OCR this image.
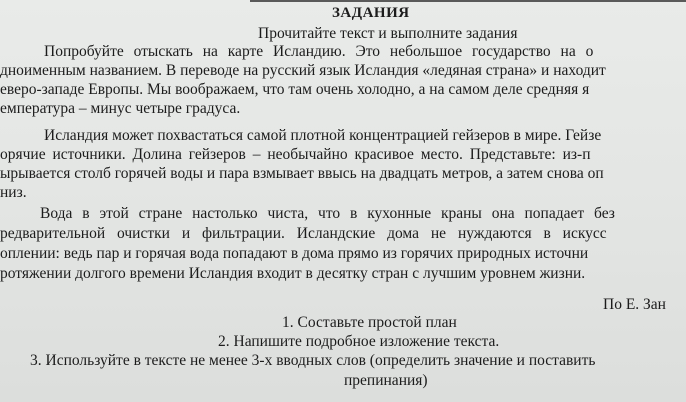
ЗАДАНИЯ
Прочитайте текст и выполните задания
Попробуйте отыскать на карте Исландию. Это небольшое государство на о
днoименным названием. В переводе на русский язык Исландия «ледяная страна» и находит
еверо-западе Европы. Мы воображаем, что там очень холодно, а на самом деле средняя я
емпература – минус четыре градуса.
Исландия может похвастаться самой плотной концентрацией гейзеров в мире. Гейзе
орячие источники. Долина гейзеров – необычайно красивое место. Представьте: из-п
ырывается столб горячей воды и пара взмывает ввысь на двадцать метров, а затем снова оп
низ.
Вода в этой стране настолько чиста, что в кухонные краны она попадает без
редварительной очистки и фильтрации. Исландские дома не нуждаются в искусс
оплении: ведь пар и горячая вода попадают в дома прямо из горячих природных источни
ротяжении долгого времени Исландия входит в десятку стран с лучшим уровнем жизни.
По Е. Зан
1. Составьте простой план
2. Напишите подробное изложение текста.
3. Используйте в тексте не менее 3-х вводных слов (определить значение и поставить
препинания)
